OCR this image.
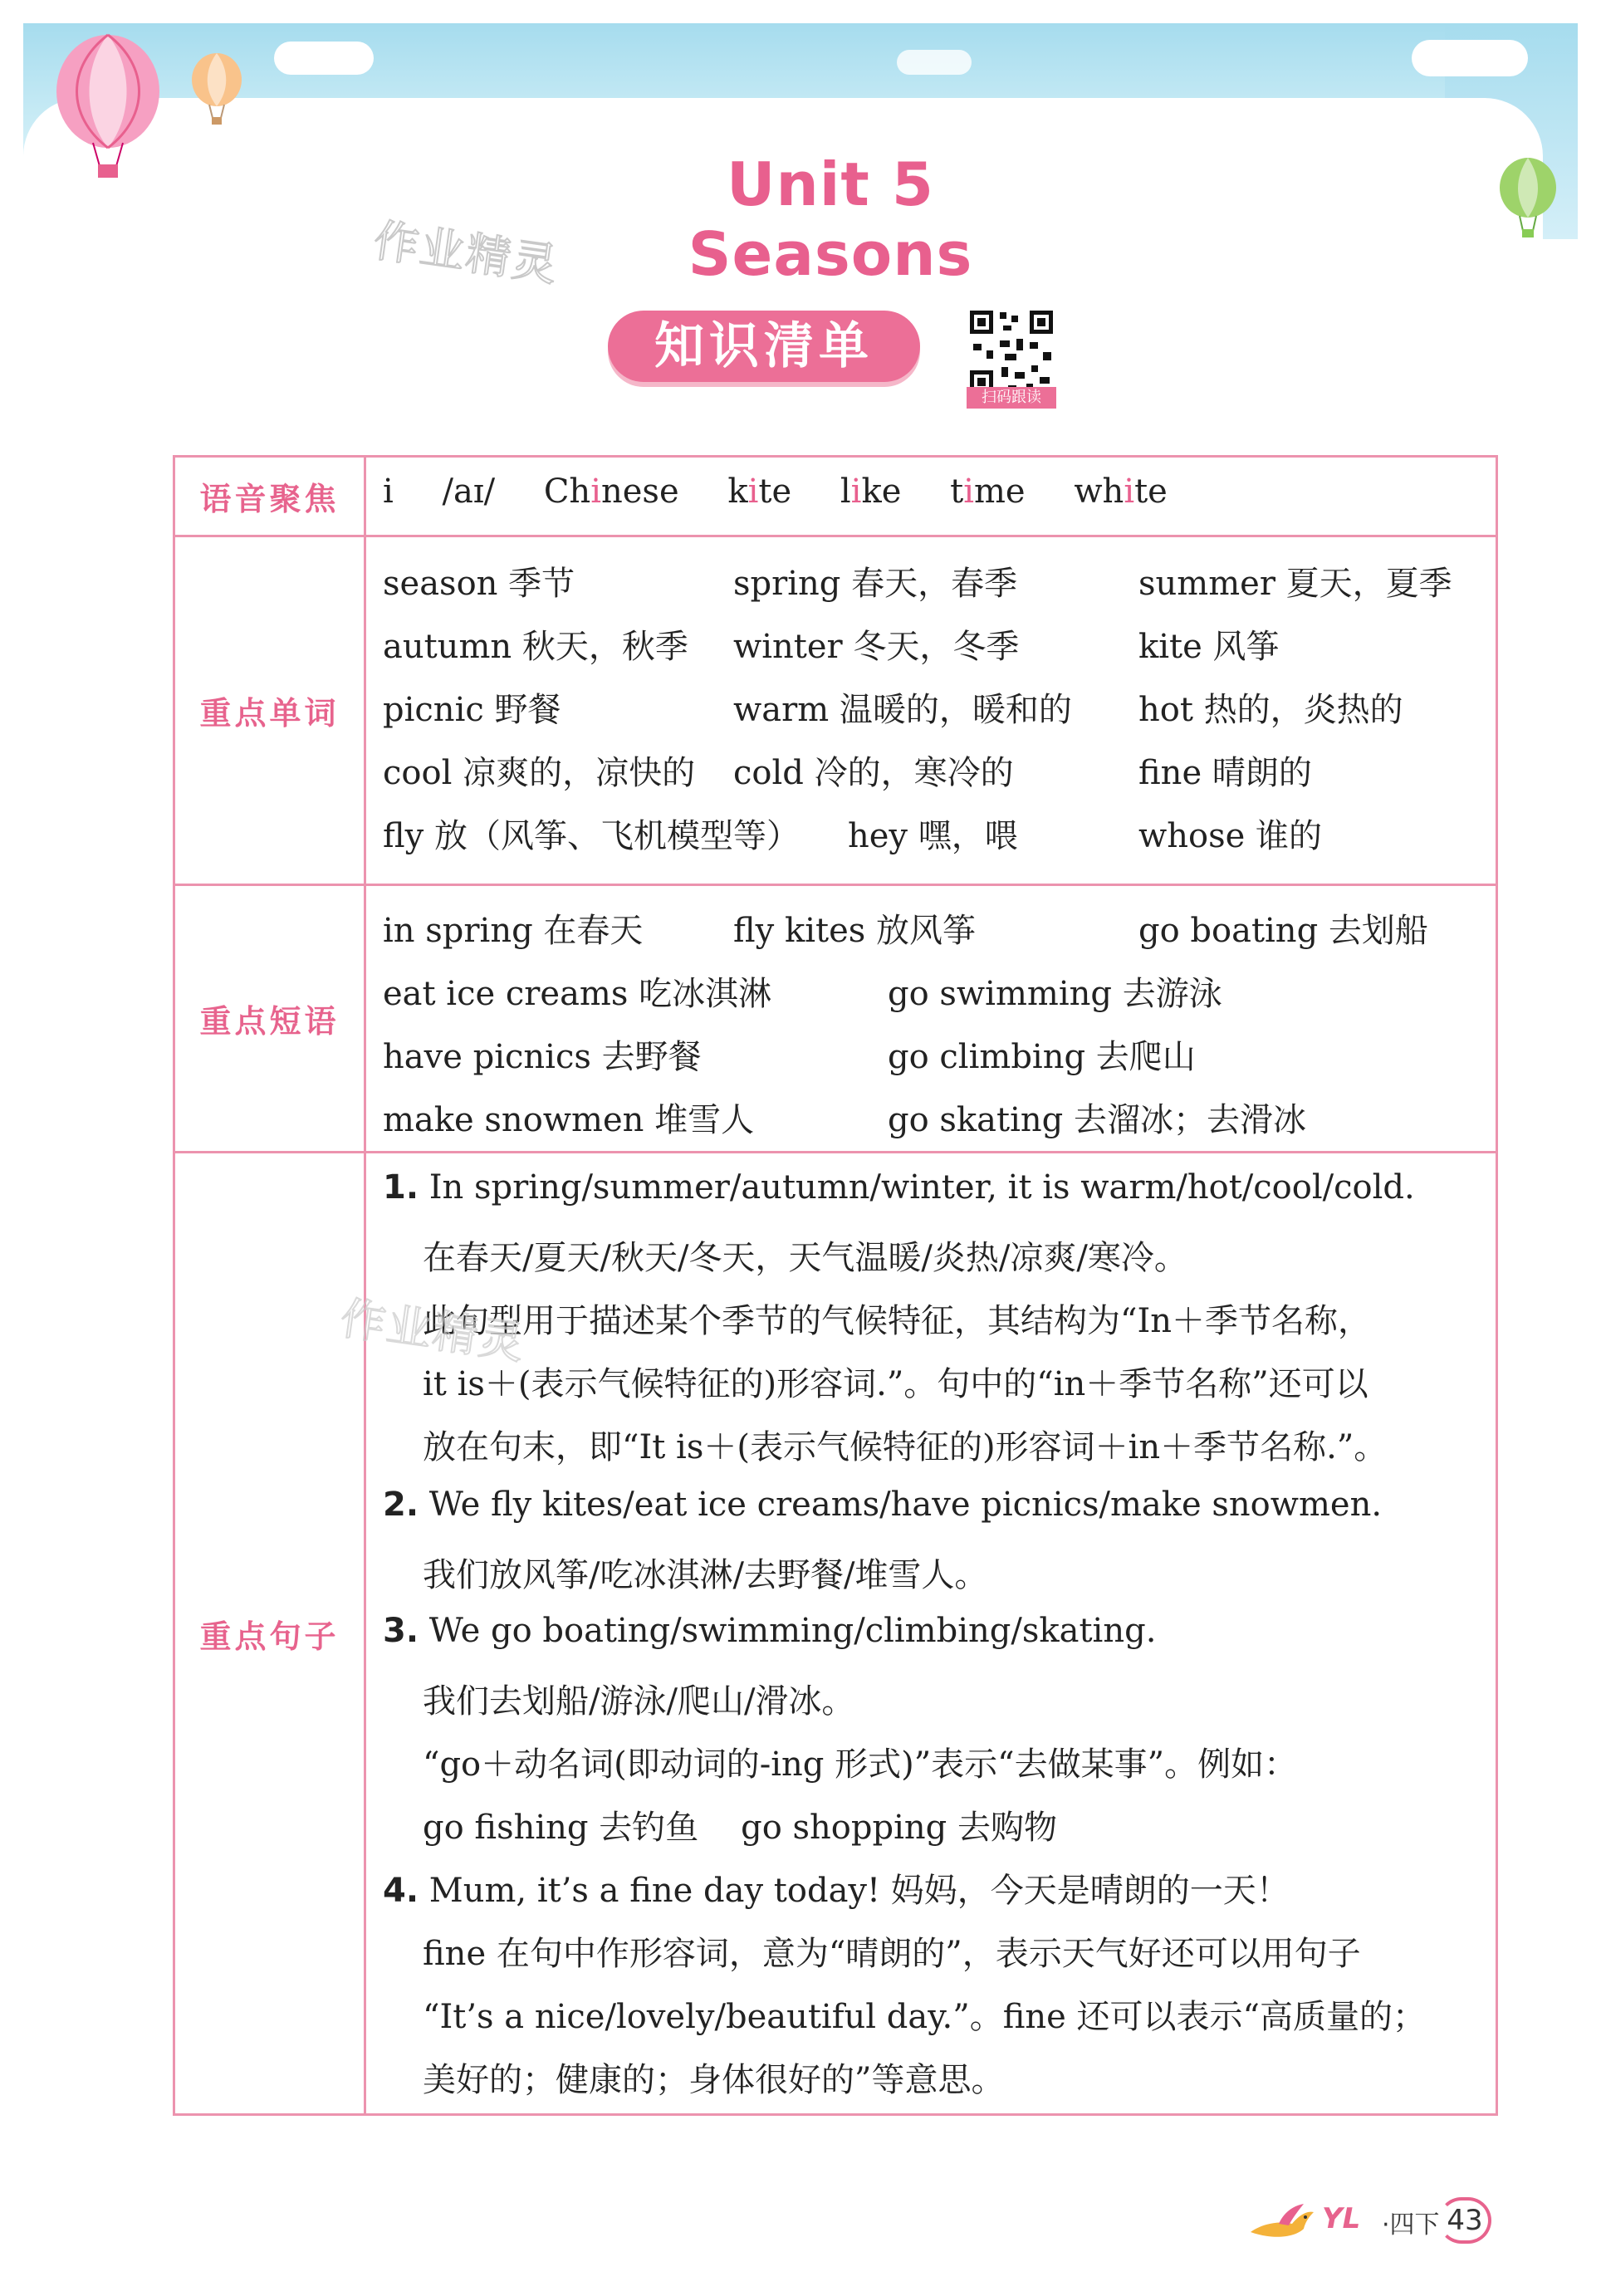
Unit 5 Seasons
作业精灵
知识清单
扫码跟读
语音聚焦	i /aɪ/ Chinese kite like time white
重点单词
season 季节	spring 春天，春季	summer 夏天，夏季
autumn 秋天，秋季 winter 冬天，冬季	kite 风筝
picnic 野餐	warm 温暖的，暖和的 hot 热的，炎热的
cool 凉爽的，凉快的 cold 冷的，寒冷的	fine 晴朗的
fly 放（风筝、飞机模型等） hey 嘿，喂	whose 谁的
重点短语
in spring 在春天	fly kites 放风筝	go boating 去划船
eat ice creams 吃冰淇淋	go swimming 去游泳
have picnics 去野餐	go climbing 去爬山
make snowmen 堆雪人	go skating 去溜冰；去滑冰
重点句子
1. In spring/summer/autumn/winter, it is warm/hot/cool/cold.
在春天/夏天/秋天/冬天，天气温暖/炎热/凉爽/寒冷。
此句型用于描述某个季节的气候特征，其结构为“In＋季节名称，
it is＋(表示气候特征的)形容词.”。句中的“in＋季节名称”还可以
放在句末，即“It is＋(表示气候特征的)形容词＋in＋季节名称.”。
2. We fly kites/eat ice creams/have picnics/make snowmen.
我们放风筝/吃冰淇淋/去野餐/堆雪人。
3. We go boating/swimming/climbing/skating.
我们去划船/游泳/爬山/滑冰。
“go＋动名词(即动词的-ing 形式)”表示“去做某事”。例如：
go fishing 去钓鱼    go shopping 去购物
4. Mum, it’s a fine day today! 妈妈，今天是晴朗的一天！
fine 在句中作形容词，意为“晴朗的”，表示天气好还可以用句子
“It’s a nice/lovely/beautiful day.”。fine 还可以表示“高质量的；
美好的；健康的；身体很好的”等意思。
作业精灵
YL ·四下 43
